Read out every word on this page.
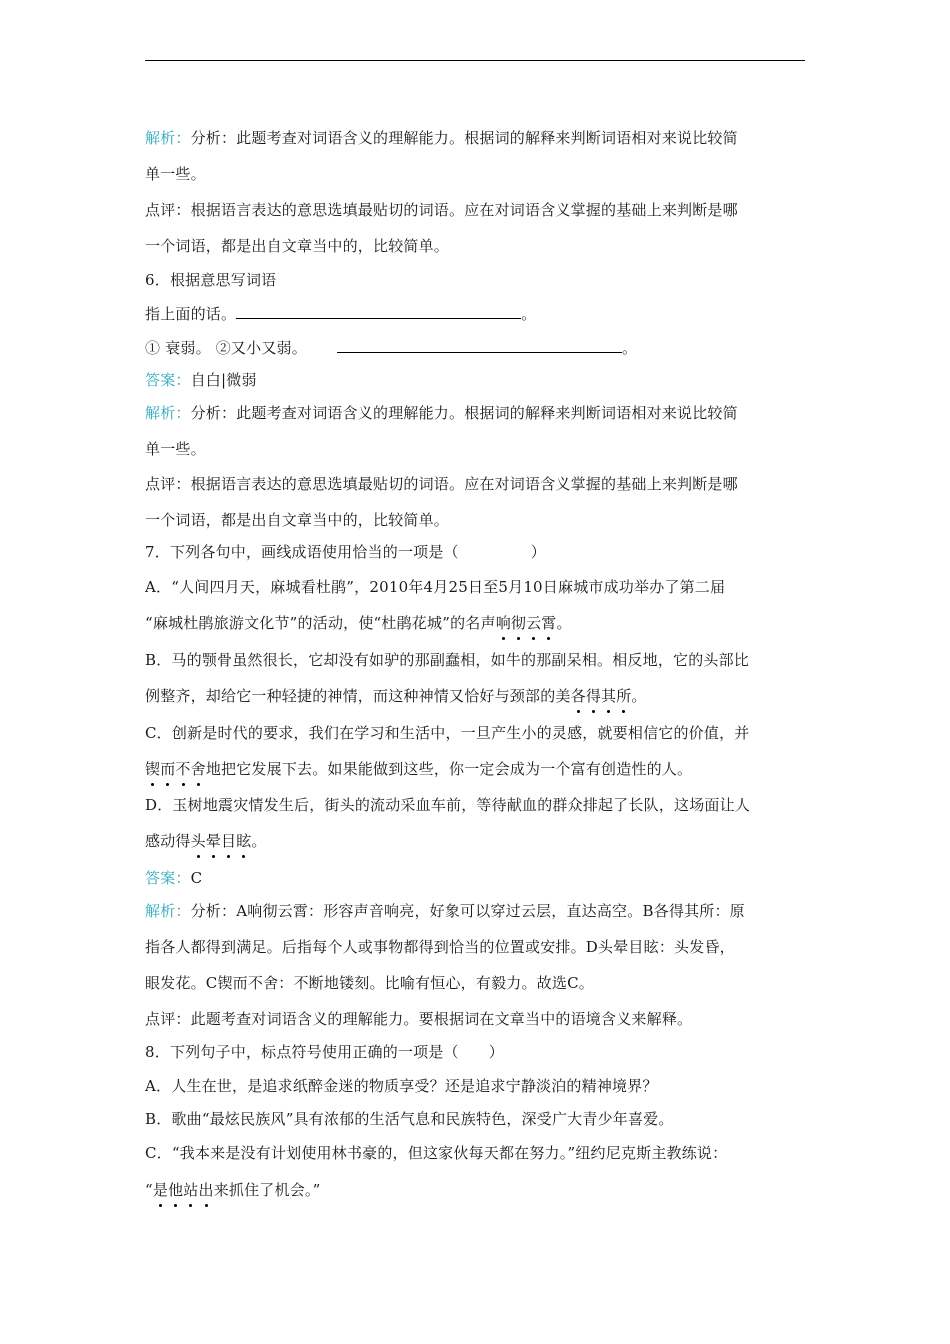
解析：分析：此题考查对词语含义的理解能力。根据词的解释来判断词语相对来说比较简
单一些。
点评：根据语言表达的意思选填最贴切的词语。应在对词语含义掌握的基础上来判断是哪
一个词语，都是出自文章当中的，比较简单。
6．根据意思写词语
指上面的话。	。
① 衰弱。 ②又小又弱。	。
答案：自白|微弱
解析：分析：此题考查对词语含义的理解能力。根据词的解释来判断词语相对来说比较简
单一些。
点评：根据语言表达的意思选填最贴切的词语。应在对词语含义掌握的基础上来判断是哪
一个词语，都是出自文章当中的，比较简单。
7．下列各句中，画线成语使用恰当的一项是（	）
A．“人间四月天，麻城看杜鹃”，2010年4月25日至5月10日麻城市成功举办了第二届
“麻城杜鹃旅游文化节”的活动，使“杜鹃花城”的名声响彻云霄。
B．马的颚骨虽然很长，它却没有如驴的那副蠢相，如牛的那副呆相。相反地，它的头部比
例整齐，却给它一种轻捷的神情，而这种神情又恰好与颈部的美各得其所。
C．创新是时代的要求，我们在学习和生活中，一旦产生小的灵感，就要相信它的价值，并
锲而不舍地把它发展下去。如果能做到这些，你一定会成为一个富有创造性的人。
D．玉树地震灾情发生后，街头的流动采血车前，等待献血的群众排起了长队，这场面让人
感动得头晕目眩。
答案：C
解析：分析：A响彻云霄：形容声音响亮，好象可以穿过云层，直达高空。B各得其所：原
指各人都得到满足。后指每个人或事物都得到恰当的位置或安排。D头晕目眩：头发昏，
眼发花。C锲而不舍：不断地镂刻。比喻有恒心，有毅力。故选C。
点评：此题考查对词语含义的理解能力。要根据词在文章当中的语境含义来解释。
8．下列句子中，标点符号使用正确的一项是（ ）
A．人生在世，是追求纸醉金迷的物质享受？还是追求宁静淡泊的精神境界？
B．歌曲“最炫民族风”具有浓郁的生活气息和民族特色，深受广大青少年喜爱。
C．“我本来是没有计划使用林书豪的，但这家伙每天都在努力。”纽约尼克斯主教练说：
“是他站出来抓住了机会。”
